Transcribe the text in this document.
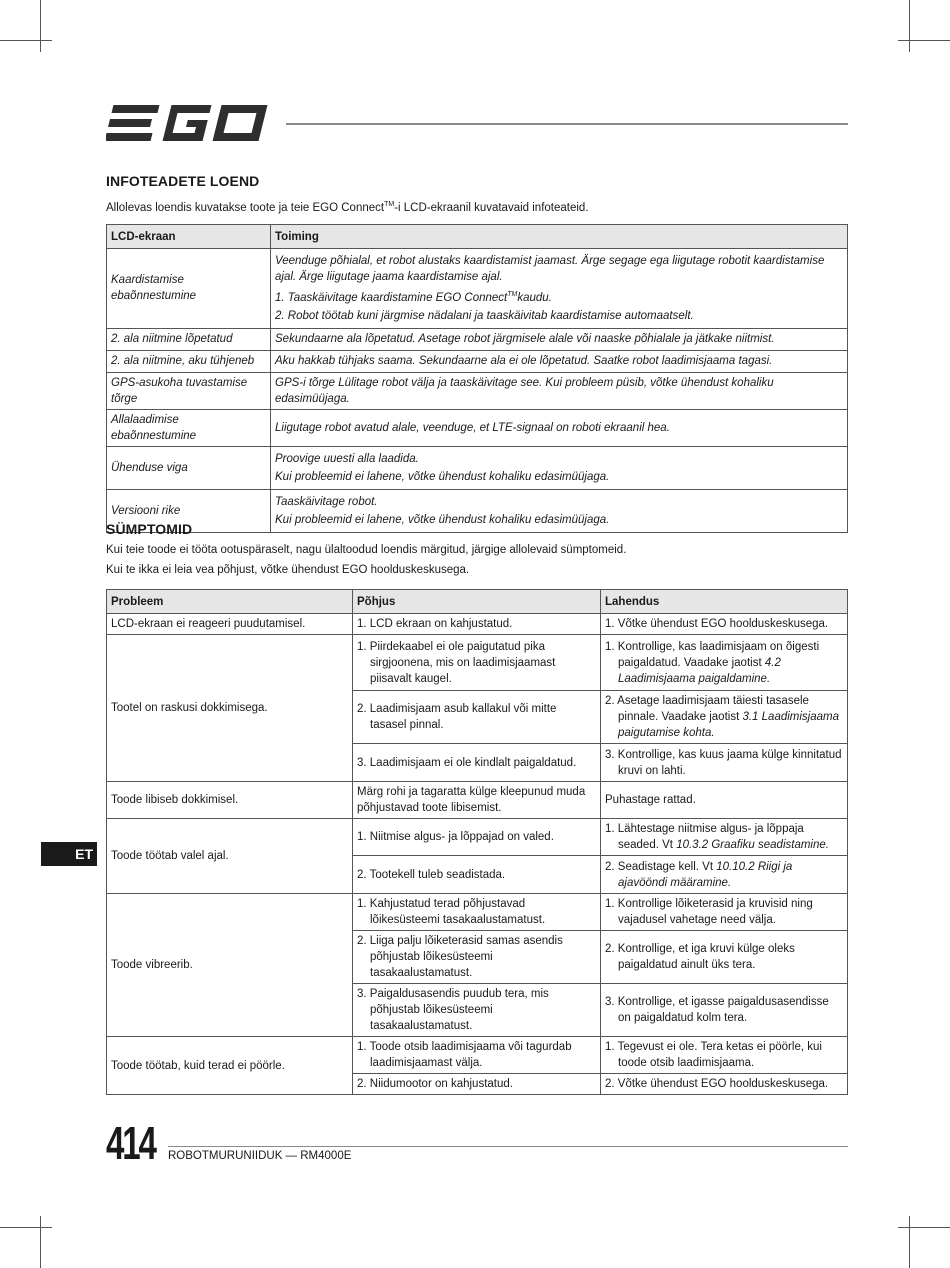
INFOTEADETE LOEND

Allolevas loendis kuvatakse toote ja teie EGO Connect™-i LCD-ekraanil kuvatavaid infoteateid.

LCD-ekraan	Toiming
Kaardistamise ebaõnnestumine	Veenduge põhialal, et robot alustaks kaardistamist jaamast. Ärge segage ega liigutage robotit kaardistamise ajal. Ärge liigutage jaama kaardistamise ajal.

1. Taaskäivitage kaardistamine EGO Connect™kaudu.

2. Robot töötab kuni järgmise nädalani ja taaskäivitab kaardistamise automaatselt.

2. ala niitmine lõpetatud	Sekundaarne ala lõpetatud. Asetage robot järgmisele alale või naaske põhialale ja jätkake niitmist.
2. ala niitmine, aku tühjeneb	Aku hakkab tühjaks saama. Sekundaarne ala ei ole lõpetatud. Saatke robot laadimisjaama tagasi.
GPS-asukoha tuvastamise tõrge	GPS-i tõrge Lülitage robot välja ja taaskäivitage see. Kui probleem püsib, võtke ühendust kohaliku edasimüüjaga.
Allalaadimise ebaõnnestumine	Liigutage robot avatud alale, veenduge, et LTE-signaal on roboti ekraanil hea.
Ühenduse viga	Proovige uuesti alla laadida.

Kui probleemid ei lahene, võtke ühendust kohaliku edasimüüjaga.

Versiooni rike	Taaskäivitage robot.

Kui probleemid ei lahene, võtke ühendust kohaliku edasimüüjaga.

SÜMPTOMID

Kui teie toode ei tööta ootuspäraselt, nagu ülaltoodud loendis märgitud, järgige allolevaid sümptomeid.

Kui te ikka ei leia vea põhjust, võtke ühendust EGO hoolduskeskusega.

Probleem	Põhjus	Lahendus
LCD-ekraan ei reageeri puudutamisel.	1. LCD ekraan on kahjustatud.	1. Võtke ühendust EGO hoolduskeskusega.

Tootel on raskusi dokkimisega.	1. Piirdekaabel ei ole paigutatud pika sirgjoonena, mis on laadimisjaamast piisavalt kaugel.	1. Kontrollige, kas laadimisjaam on õigesti paigaldatud. Vaadake jaotist 4.2 Laadimisjaama paigaldamine.

	2. Laadimisjaam asub kallakul või mitte tasasel pinnal.	2. Asetage laadimisjaam täiesti tasasele pinnale. Vaadake jaotist 3.1 Laadimisjaama paigutamise kohta.

	3. Laadimisjaam ei ole kindlalt paigaldatud.	3. Kontrollige, kas kuus jaama külge kinnitatud kruvi on lahti.

Toode libiseb dokkimisel.	Märg rohi ja tagaratta külge kleepunud muda põhjustavad toote libisemist.	Puhastage rattad.
Toode töötab valel ajal.	1. Niitmise algus- ja lõppajad on valed.	1. Lähtestage niitmise algus- ja lõppaja seaded. Vt 10.3.2 Graafiku seadistamine.

	2. Tootekell tuleb seadistada.	2. Seadistage kell. Vt 10.10.2 Riigi ja ajavööndi määramine.

Toode vibreerib.	1. Kahjustatud terad põhjustavad lõikesüsteemi tasakaalustamatust.	1. Kontrollige lõiketerasid ja kruvisid ning vajadusel vahetage need välja.

	2. Liiga palju lõiketerasid samas asendis põhjustab lõikesüsteemi tasakaalustamatust.	2. Kontrollige, et iga kruvi külge oleks paigaldatud ainult üks tera.

	3. Paigaldusasendis puudub tera, mis põhjustab lõikesüsteemi tasakaalustamatust.	3. Kontrollige, et igasse paigaldusasendisse on paigaldatud kolm tera.

Toode töötab, kuid terad ei pöörle.	1. Toode otsib laadimisjaama või tagurdab laadimisjaamast välja.	1. Tegevust ei ole. Tera ketas ei pöörle, kui toode otsib laadimisjaama.

	2. Niidumootor on kahjustatud.	2. Võtke ühendust EGO hoolduskeskusega.
ET
414 ROBOTMURUNIIDUK — RM4000E
